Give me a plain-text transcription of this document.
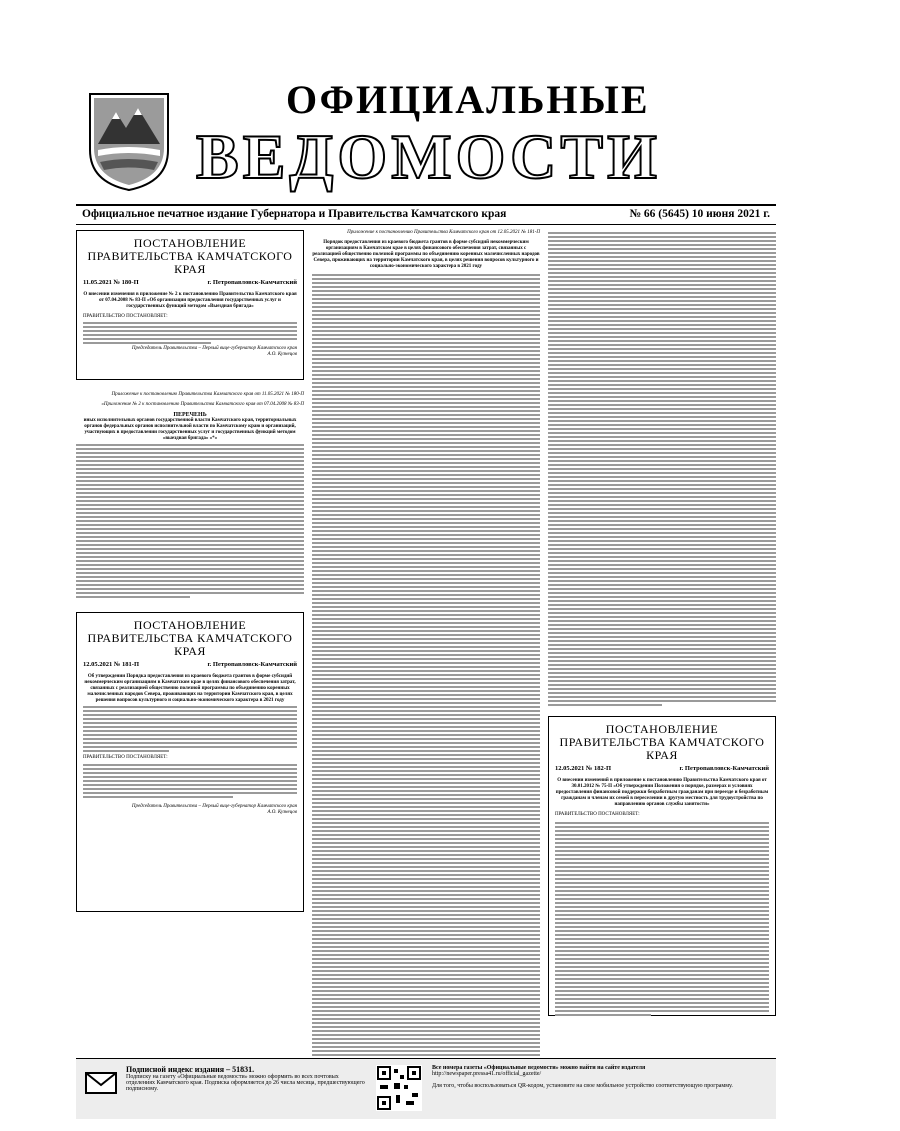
ОФИЦИАЛЬНЫЕ
ВЕДОМОСТИ
Официальное печатное издание Губернатора и Правительства Камчатского края	№ 66 (5645) 10 июня 2021 г.
ПОСТАНОВЛЕНИЕ
ПРАВИТЕЛЬСТВА КАМЧАТСКОГО КРАЯ
11.05.2021 № 180-П	г. Петропавловск-Камчатский
О внесении изменения в приложение № 2 к постановлению Правительства Камчатского края от 07.04.2008 № 83-П «Об организации предоставления государственных услуг и государственных функций методом «Выездная бригада»
ПРАВИТЕЛЬСТВО ПОСТАНОВЛЯЕТ:
Председатель Правительства – Первый вице-губернатор Камчатского края
А.О. Кузнецов
Приложение к постановлению Правительства Камчатского края от 11.05.2021 № 180-П
«Приложение № 2 к постановлению Правительства Камчатского края от 07.04.2008 № 83-П
ПЕРЕЧЕНЬ
иных исполнительных органов государственной власти Камчатского края, территориальных органов федеральных органов исполнительной власти по Камчатскому краю и организаций, участвующих в предоставлении государственных услуг и государственных функций методом «выездная бригада» «*»
ПОСТАНОВЛЕНИЕ
ПРАВИТЕЛЬСТВА КАМЧАТСКОГО КРАЯ
12.05.2021 № 181-П	г. Петропавловск-Камчатский
Об утверждении Порядка предоставления из краевого бюджета грантов в форме субсидий некоммерческим организациям в Камчатском крае в целях финансового обеспечения затрат, связанных с реализацией общественно полезной программы по объединению коренных малочисленных народов Севера, проживающих на территории Камчатского края, в целях решения вопросов культурного и социально-экономического характера в 2021 году
ПРАВИТЕЛЬСТВО ПОСТАНОВЛЯЕТ:
Председатель Правительства – Первый вице-губернатор Камчатского края
А.О. Кузнецов
Приложение к постановлению Правительства Камчатского края от 12.05.2021 № 181-П
Порядок предоставления из краевого бюджета грантов в форме субсидий некоммерческим организациям в Камчатском крае в целях финансового обеспечения затрат, связанных с реализацией общественно полезной программы по объединению коренных малочисленных народов Севера, проживающих на территории Камчатского края, в целях решения вопросов культурного и социально-экономического характера в 2021 году
ПОСТАНОВЛЕНИЕ
ПРАВИТЕЛЬСТВА КАМЧАТСКОГО КРАЯ
12.05.2021 № 182-П	г. Петропавловск-Камчатский
О внесении изменений в приложение к постановлению Правительства Камчатского края от 30.01.2012 № 75-П «Об утверждении Положения о порядке, размерах и условиях предоставления финансовой поддержки безработным гражданам при переезде и безработным гражданам и членам их семей в переселении в другую местность для трудоустройства по направлению органов службы занятости»
ПРАВИТЕЛЬСТВО ПОСТАНОВЛЯЕТ:
Подписной индекс издания – 51831.
Подписку на газету «Официальные ведомости» можно оформить во всех почтовых отделениях Камчатского края. Подписка оформляется до 26 числа месяца, предшествующего подписному.
Все номера газеты «Официальные ведомости» можно найти на сайте издателя
http://newspaper.pressa41.ru/official_gazette/
Для того, чтобы воспользоваться QR-кодом, установите на свое мобильное устройство соответствующую программу.
